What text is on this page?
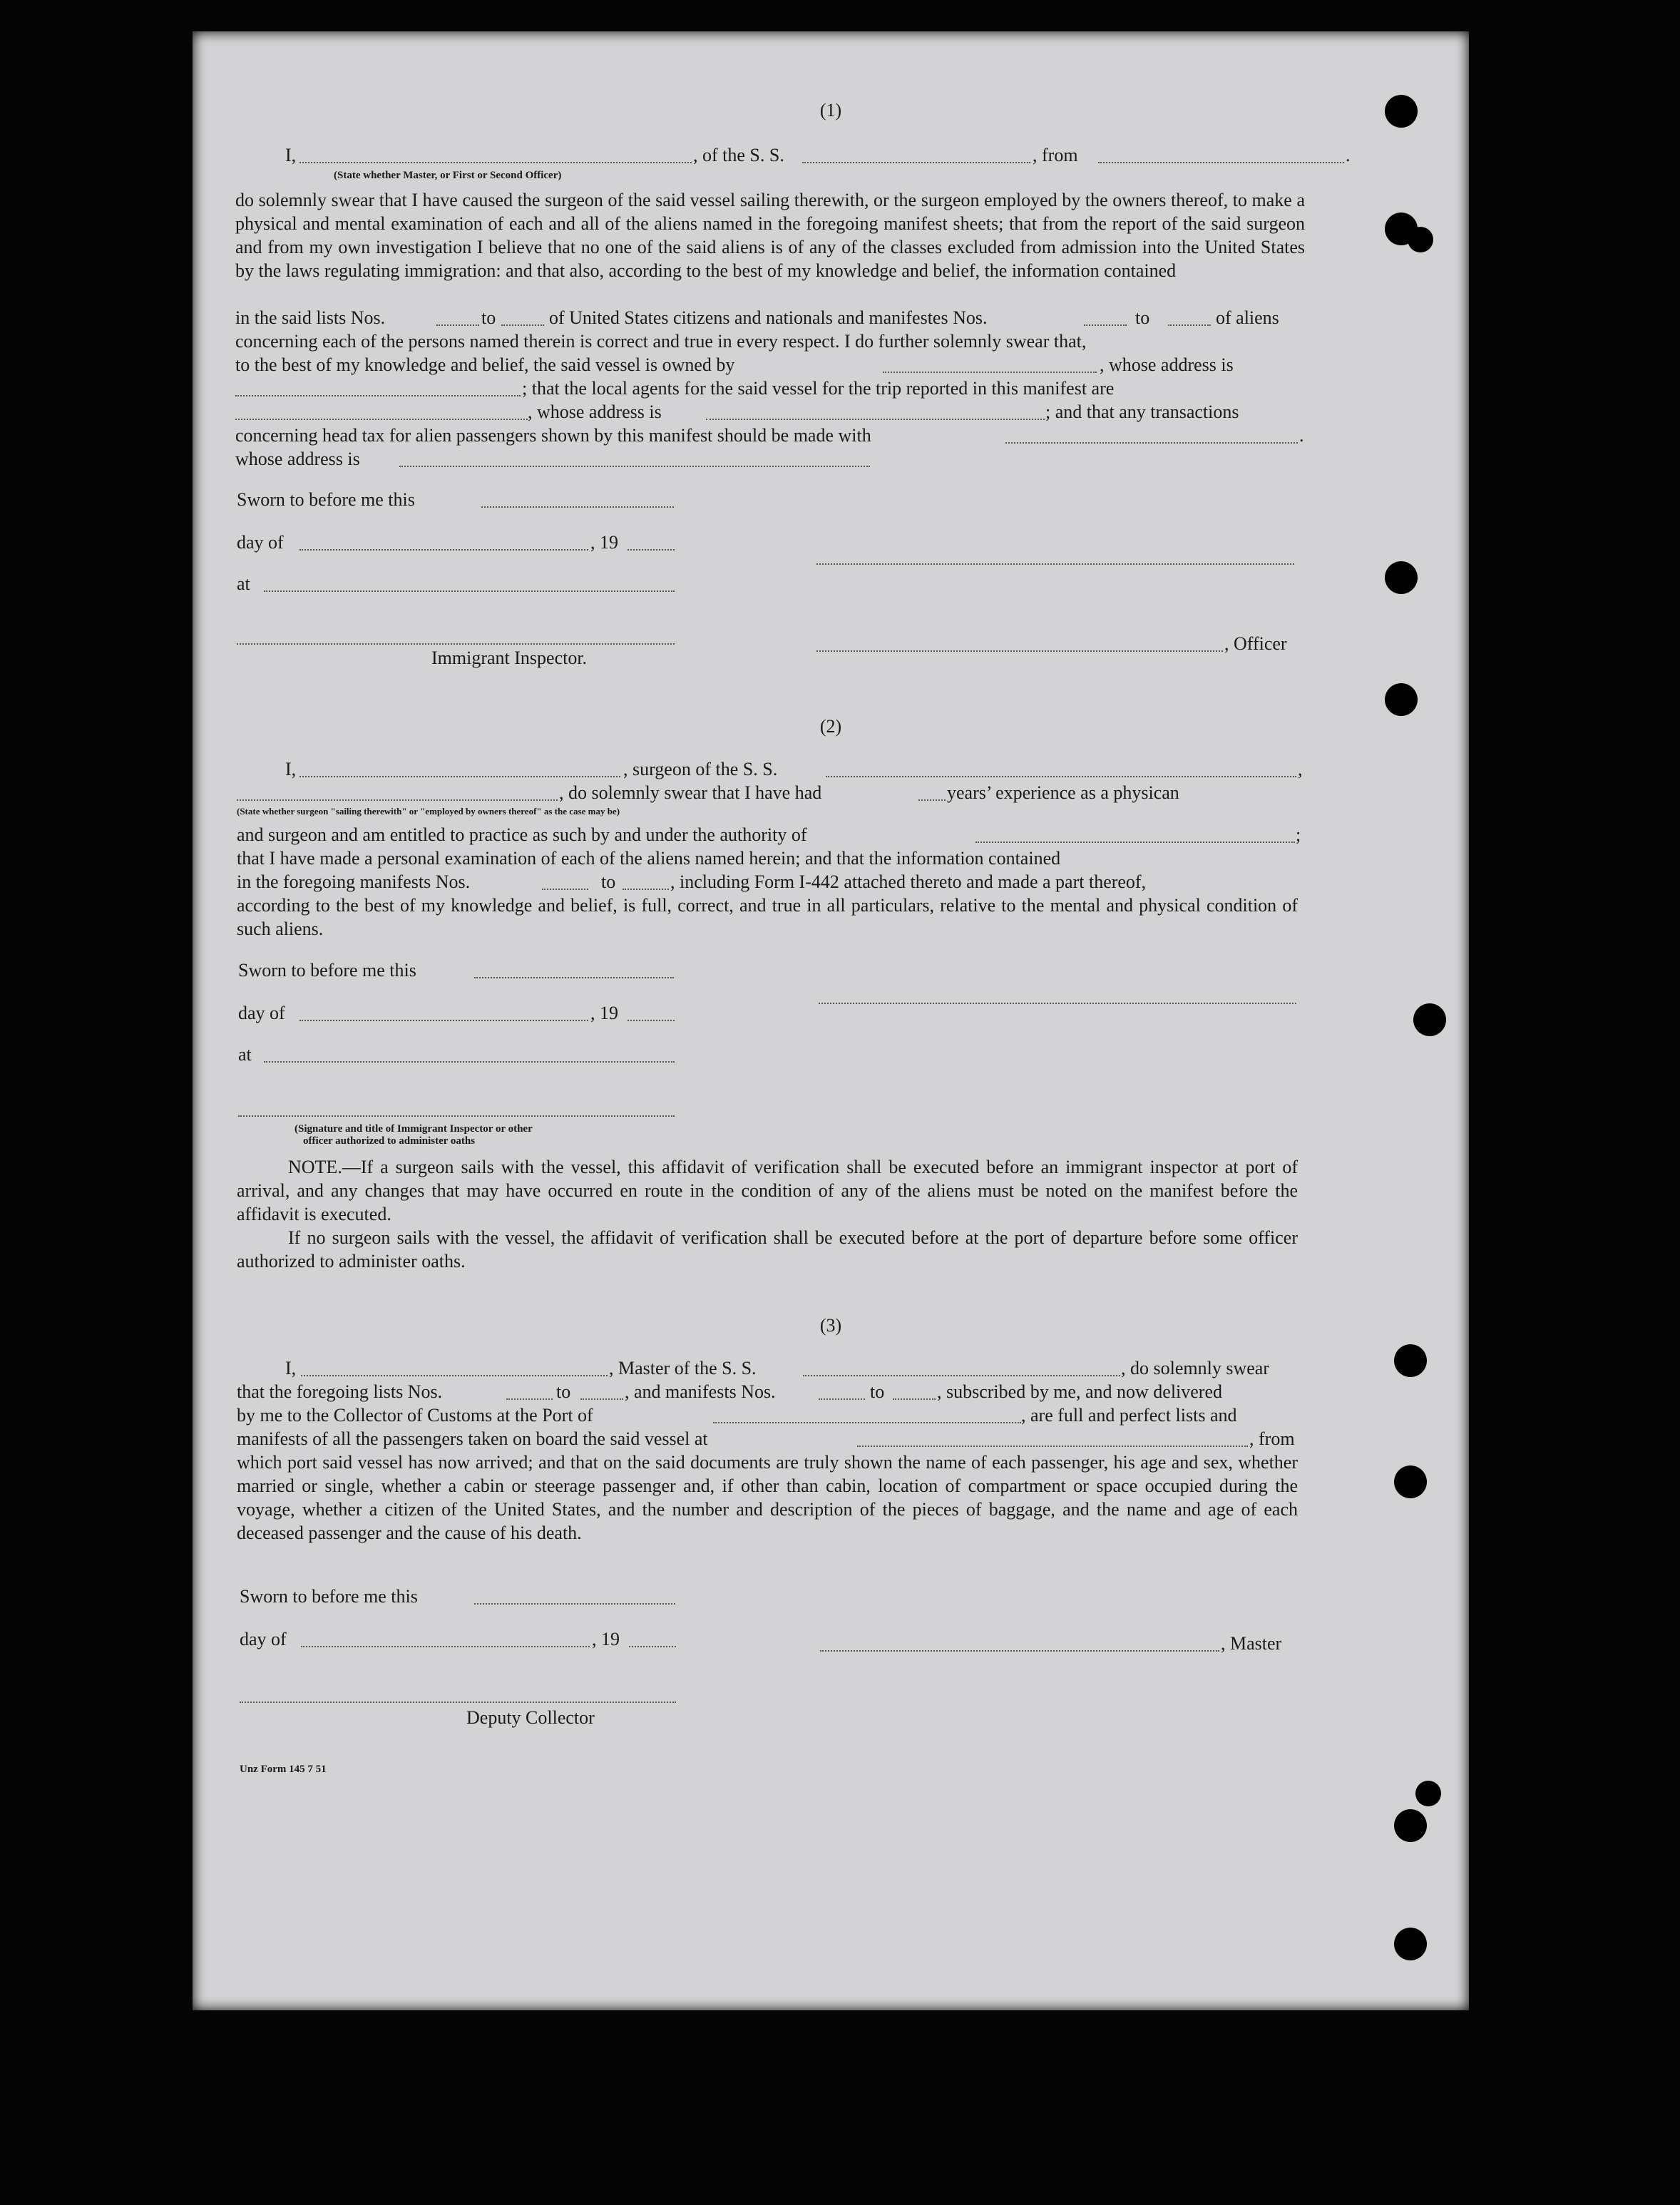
(1)
I,	, of the S. S.	, from	.
(State whether Master, or First or Second Officer)
do solemnly swear that I have caused the surgeon of the said vessel sailing therewith, or the surgeon employed by the owners thereof, to make a physical and mental examination of each and all of the aliens named in the foregoing manifest sheets; that from the report of the said surgeon and from my own investigation I believe that no one of the said aliens is of any of the classes excluded from admission into the United States by the laws regulating immigration: and that also, according to the best of my knowledge and belief, the information contained
in the said lists Nos.	to	of United States citizens and nationals and manifestes Nos.	to	of aliens
concerning each of the persons named therein is correct and true in every respect. I do further solemnly swear that,
to the best of my knowledge and belief, the said vessel is owned by	, whose address is
; that the local agents for the said vessel for the trip reported in this manifest are
, whose address is	; and that any transactions
concerning head tax for alien passengers shown by this manifest should be made with	.
whose address is
Sworn to before me this
day of	, 19
at
, Officer
Immigrant Inspector.
(2)
I,	, surgeon of the S. S.	,
, do solemnly swear that I have had	years’ experience as a physican
(State whether surgeon "sailing therewith" or "employed by owners thereof" as the case may be)
and surgeon and am entitled to practice as such by and under the authority of	;
that I have made a personal examination of each of the aliens named herein; and that the information contained
in the foregoing manifests Nos.	to	, including Form I-442 attached thereto and made a part thereof,
according to the best of my knowledge and belief, is full, correct, and true in all particulars, relative to the mental and physical condition of such aliens.
Sworn to before me this
day of	, 19
at
(Signature and title of Immigrant Inspector or other
officer authorized to administer oaths
NOTE.—If a surgeon sails with the vessel, this affidavit of verification shall be executed before an immigrant inspector at port of arrival, and any changes that may have occurred en route in the condition of any of the aliens must be noted on the manifest before the affidavit is executed.
If no surgeon sails with the vessel, the affidavit of verification shall be executed before at the port of departure before some officer authorized to administer oaths.
(3)
I,	, Master of the S. S.	, do solemnly swear
that the foregoing lists Nos.	to	, and manifests Nos.	to	, subscribed by me, and now delivered
by me to the Collector of Customs at the Port of	, are full and perfect lists and
manifests of all the passengers taken on board the said vessel at	, from
which port said vessel has now arrived; and that on the said documents are truly shown the name of each passenger, his age and sex, whether married or single, whether a cabin or steerage passenger and, if other than cabin, location of compartment or space occupied during the voyage, whether a citizen of the United States, and the number and description of the pieces of baggage, and the name and age of each deceased passenger and the cause of his death.
Sworn to before me this
day of	, 19	, Master
Deputy Collector
Unz Form 145 7 51
